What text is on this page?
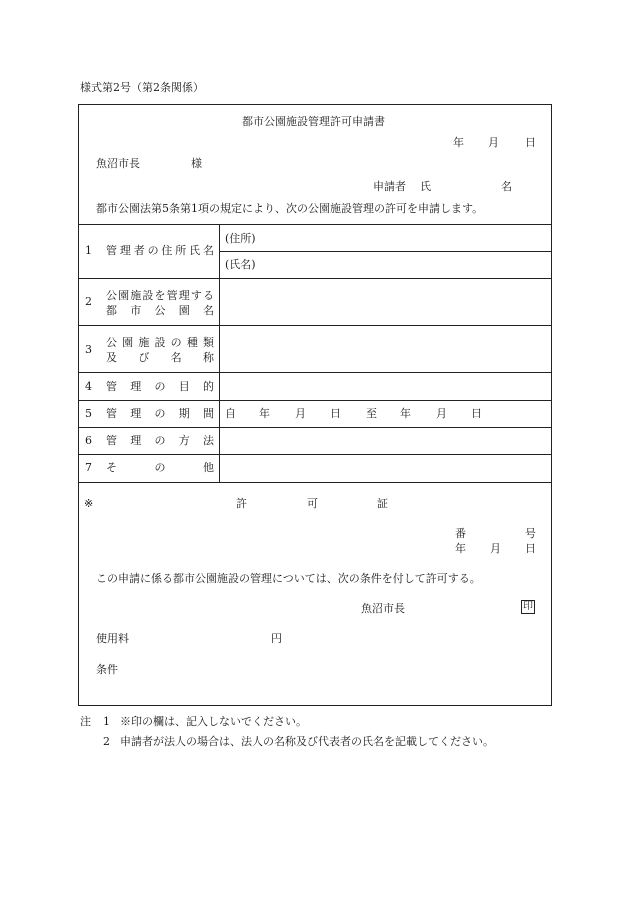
様式第2号（第2条関係）
都市公園施設管理許可申請書
年 月 日
魚沼市長	様
申請者 氏	名
都市公園法第5条第1項の規定により、次の公園施設管理の許可を申請します。
1 管理者の住所氏名
(住所)
(氏名)
2 公園施設を管理する
都市公園名
3
公園施設の種類
及び名称
4 管理の目的
5 管理の期間 自 年 月 日 至 年 月 日
6 管理の方法
7 その他
※	許	可	証
番	号
年 月 日
この申請に係る都市公園施設の管理については、次の条件を付して許可する。
魚沼市長	印
使用料	円
条件
注 1 ※印の欄は、記入しないでください。
2 申請者が法人の場合は、法人の名称及び代表者の氏名を記載してください。
